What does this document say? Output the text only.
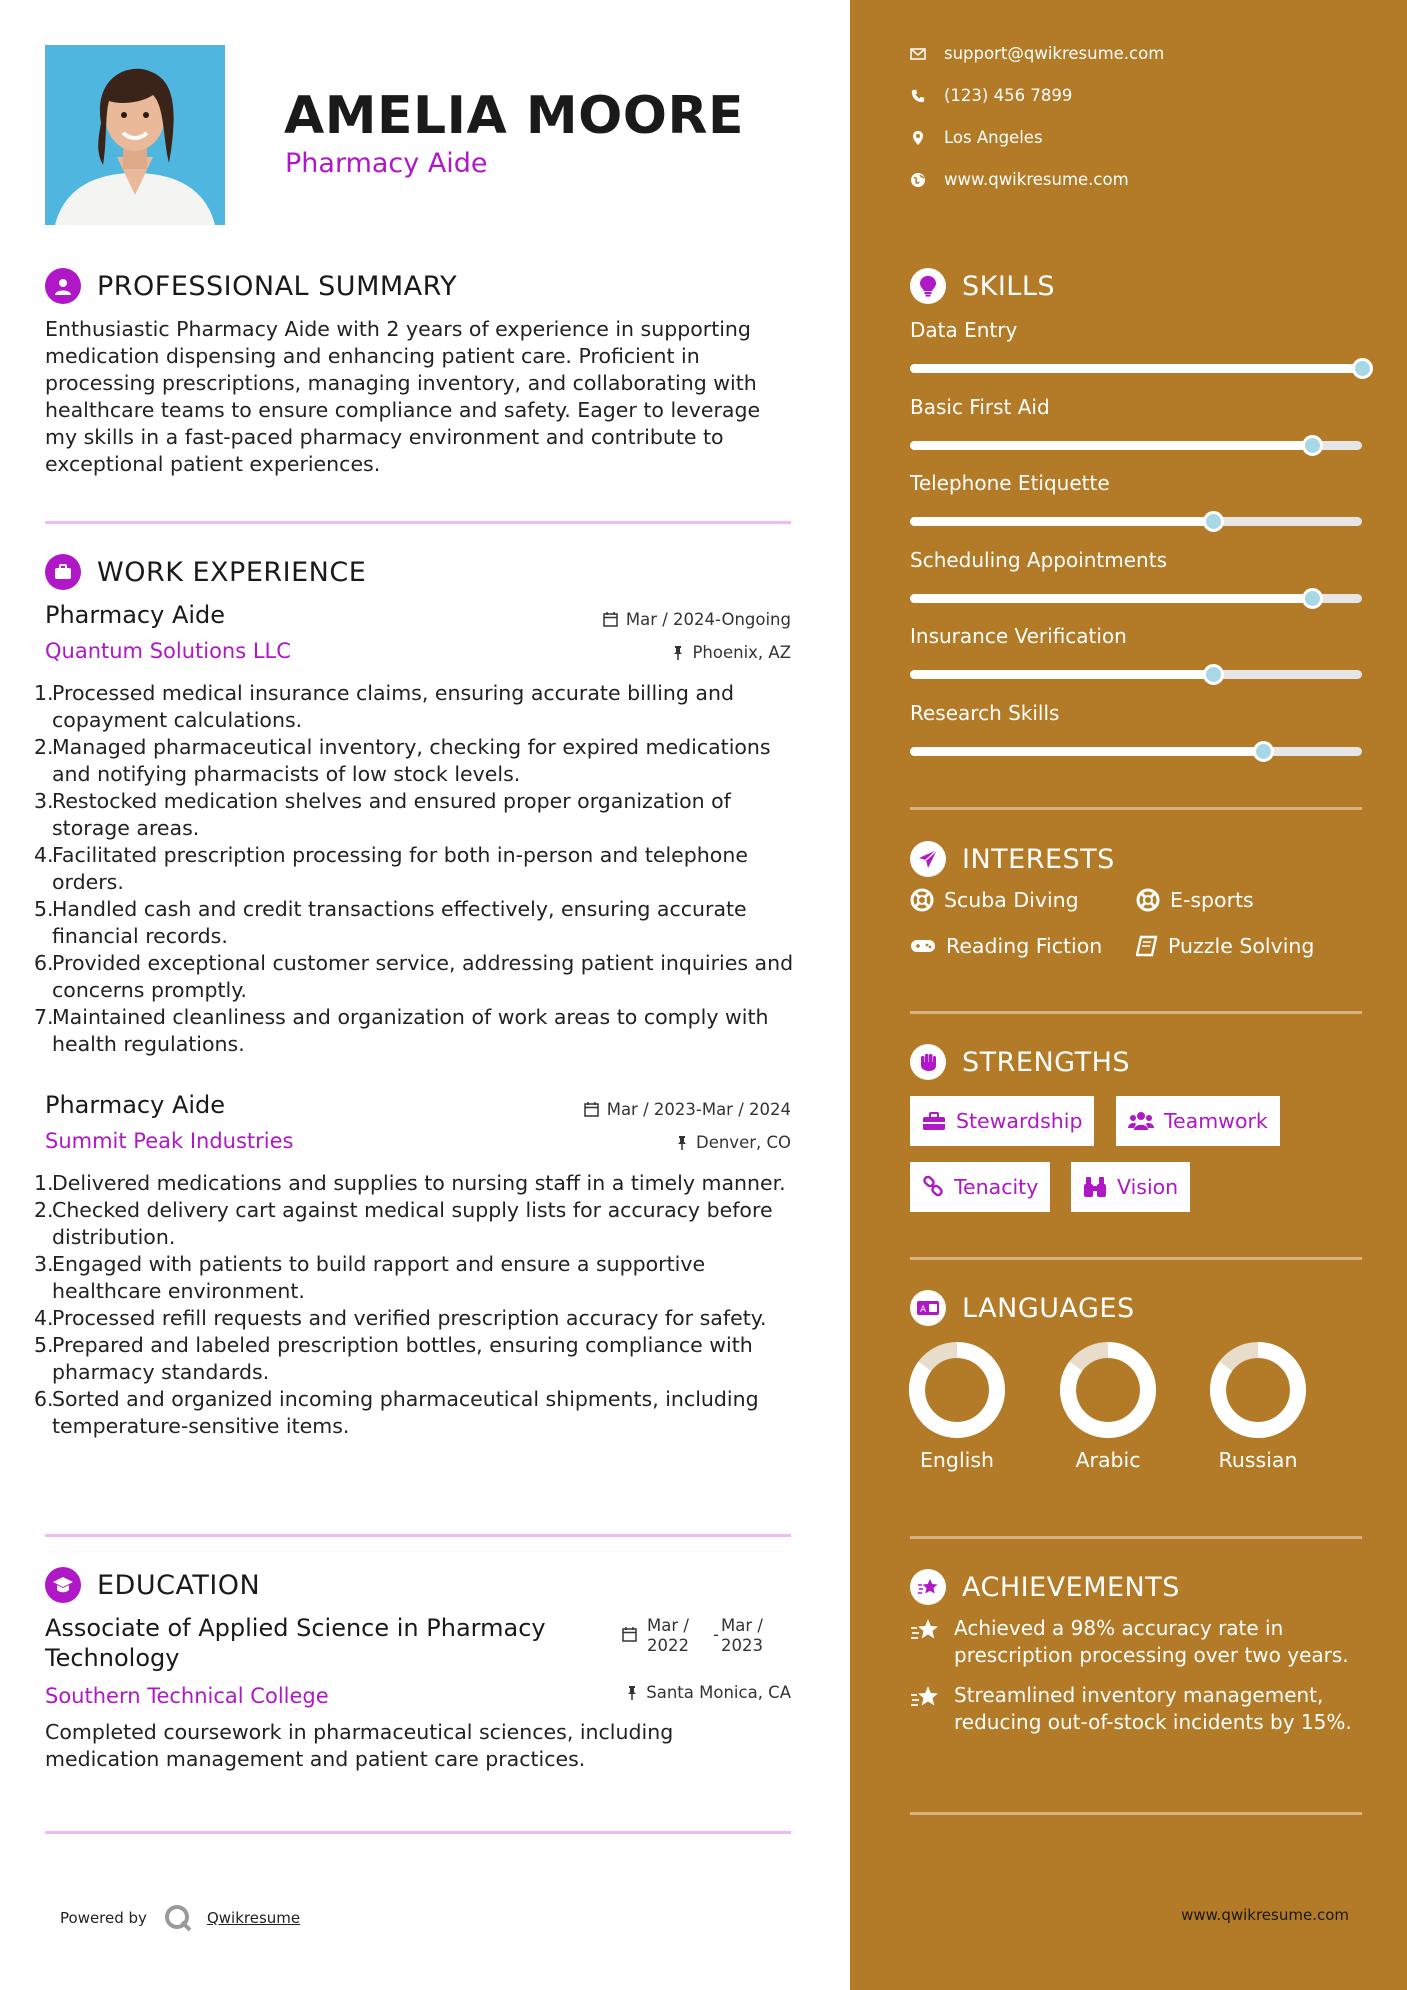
AMELIA MOORE
Pharmacy Aide
PROFESSIONAL SUMMARY
Enthusiastic Pharmacy Aide with 2 years of experience in supporting medication dispensing and enhancing patient care. Proficient in processing prescriptions, managing inventory, and collaborating with healthcare teams to ensure compliance and safety. Eager to leverage my skills in a fast-paced pharmacy environment and contribute to exceptional patient experiences.
WORK EXPERIENCE
Pharmacy Aide	Mar / 2024-Ongoing
Quantum Solutions LLC	Phoenix, AZ
1.
Processed medical insurance claims, ensuring accurate billing and copayment calculations.
2.
Managed pharmaceutical inventory, checking for expired medications and notifying pharmacists of low stock levels.
3.
Restocked medication shelves and ensured proper organization of storage areas.
4.
Facilitated prescription processing for both in-person and telephone orders.
5.
Handled cash and credit transactions effectively, ensuring accurate financial records.
6.
Provided exceptional customer service, addressing patient inquiries and concerns promptly.
7.
Maintained cleanliness and organization of work areas to comply with health regulations.
Pharmacy Aide	Mar / 2023-Mar / 2024
Summit Peak Industries	Denver, CO
1.
Delivered medications and supplies to nursing staff in a timely manner.
2.
Checked delivery cart against medical supply lists for accuracy before distribution.
3.
Engaged with patients to build rapport and ensure a supportive healthcare environment.
4.
Processed refill requests and verified prescription accuracy for safety.
5.
Prepared and labeled prescription bottles, ensuring compliance with pharmacy standards.
6.
Sorted and organized incoming pharmaceutical shipments, including temperature-sensitive items.
EDUCATION
Associate of Applied Science in Pharmacy Technology
Mar / 2022
- Mar / 2023
Southern Technical College	Santa Monica, CA
Completed coursework in pharmaceutical sciences, including medication management and patient care practices.
Powered by	Qwikresume
support@qwikresume.com
(123) 456 7899
Los Angeles
www.qwikresume.com
SKILLS
Data Entry
Basic First Aid
Telephone Etiquette
Scheduling Appointments
Insurance Verification
Research Skills
INTERESTS
Scuba Diving	E-sports
Reading Fiction	Puzzle Solving
STRENGTHS
Stewardship	Teamwork
Tenacity	Vision
A LANGUAGES
English	Arabic	Russian
ACHIEVEMENTS
Achieved a 98% accuracy rate in prescription processing over two years.
Streamlined inventory management, reducing out-of-stock incidents by 15%.
www.qwikresume.com
